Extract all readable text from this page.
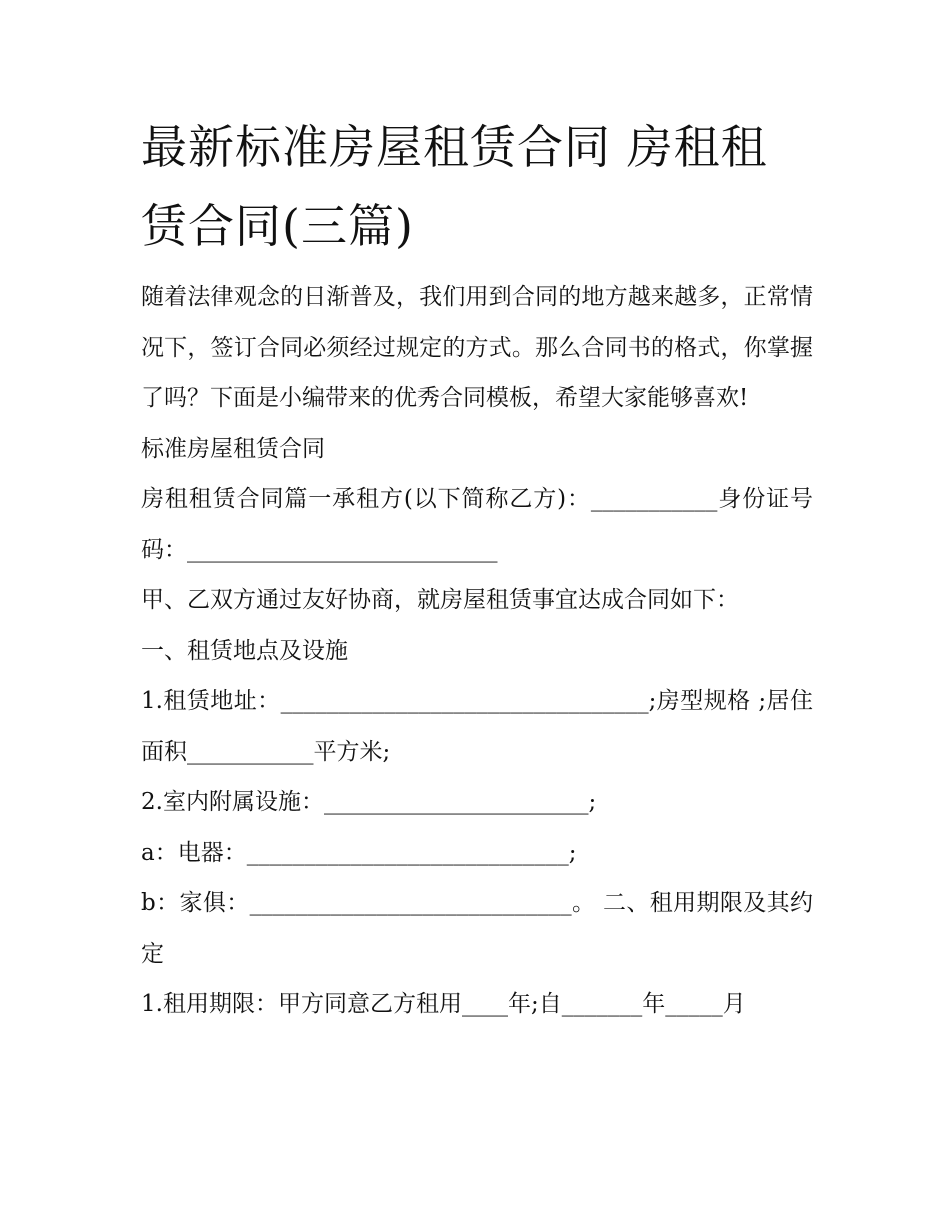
最新标准房屋租赁合同 房租租赁合同(三篇)

随着法律观念的日渐普及，我们用到合同的地方越来越多，正常情况下，签订合同必须经过规定的方式。那么合同书的格式，你掌握了吗？下面是小编带来的优秀合同模板，希望大家能够喜欢!

标准房屋租赁合同

房租租赁合同篇一承租方(以下简称乙方)：___________身份证号码：___________________________

甲、乙双方通过友好协商，就房屋租赁事宜达成合同如下：

一、租赁地点及设施

1.租赁地址：________________________________;房型规格 ;居住面积___________平方米;

2.室内附属设施：_______________________;

a：电器：____________________________;

b：家俱：____________________________。 二、租用期限及其约定

1.租用期限：甲方同意乙方租用____年;自_______年_____月
